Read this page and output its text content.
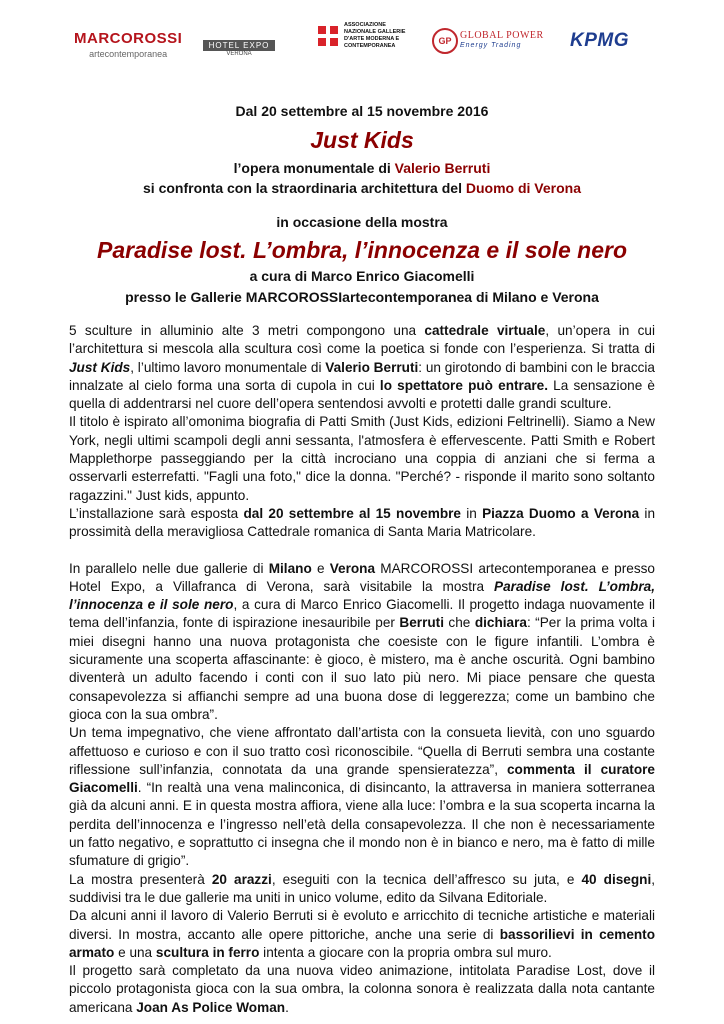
MARCOROSSI
artecontemporanea
HOTEL EXPO
VERONA
ASSOCIAZIONE NAZIONALE GALLERIE D'ARTE MODERNA E CONTEMPORANEA	GP GLOBAL POWER
Energy Trading	KPMG
Dal 20 settembre al 15 novembre 2016
Just Kids
l’opera monumentale di Valerio Berruti
si confronta con la straordinaria architettura del Duomo di Verona
in occasione della mostra
Paradise lost. L’ombra, l’innocenza e il sole nero
a cura di Marco Enrico Giacomelli
presso le Gallerie MARCOROSSIartecontemporanea di Milano e Verona

5 sculture in alluminio alte 3 metri compongono una cattedrale virtuale, un’opera in cui l’architettura si mescola alla scultura così come la poetica si fonde con l’esperienza. Si tratta di Just Kids, l’ultimo lavoro monumentale di Valerio Berruti: un girotondo di bambini con le braccia innalzate al cielo forma una sorta di cupola in cui lo spettatore può entrare. La sensazione è quella di addentrarsi nel cuore dell’opera sentendosi avvolti e protetti dalle grandi sculture.

Il titolo è ispirato all’omonima biografia di Patti Smith (Just Kids, edizioni Feltrinelli). Siamo a New York, negli ultimi scampoli degli anni sessanta, l'atmosfera è effervescente. Patti Smith e Robert Mapplethorpe passeggiando per la città incrociano una coppia di anziani che si ferma a osservarli esterrefatti. "Fagli una foto," dice la donna. "Perché? - risponde il marito sono soltanto ragazzini." Just kids, appunto.

L’installazione sarà esposta dal 20 settembre al 15 novembre in Piazza Duomo a Verona in prossimità della meravigliosa Cattedrale romanica di Santa Maria Matricolare.

In parallelo nelle due gallerie di Milano e Verona MARCOROSSI artecontemporanea e presso Hotel Expo, a Villafranca di Verona, sarà visitabile la mostra Paradise lost. L’ombra, l’innocenza e il sole nero, a cura di Marco Enrico Giacomelli. Il progetto indaga nuovamente il tema dell’infanzia, fonte di ispirazione inesauribile per Berruti che dichiara: “Per la prima volta i miei disegni hanno una nuova protagonista che coesiste con le figure infantili. L’ombra è sicuramente una scoperta affascinante: è gioco, è mistero, ma è anche oscurità. Ogni bambino diventerà un adulto facendo i conti con il suo lato più nero. Mi piace pensare che questa consapevolezza si affianchi sempre ad una buona dose di leggerezza; come un bambino che gioca con la sua ombra”.

Un tema impegnativo, che viene affrontato dall’artista con la consueta lievità, con uno sguardo affettuoso e curioso e con il suo tratto così riconoscibile. “Quella di Berruti sembra una costante riflessione sull’infanzia, connotata da una grande spensieratezza”, commenta il curatore Giacomelli. “In realtà una vena malinconica, di disincanto, la attraversa in maniera sotterranea già da alcuni anni. E in questa mostra affiora, viene alla luce: l’ombra e la sua scoperta incarna la perdita dell’innocenza e l’ingresso nell’età della consapevolezza. Il che non è necessariamente un fatto negativo, e soprattutto ci insegna che il mondo non è in bianco e nero, ma è fatto di mille sfumature di grigio”.

La mostra presenterà 20 arazzi, eseguiti con la tecnica dell’affresco su juta, e 40 disegni, suddivisi tra le due gallerie ma uniti in unico volume, edito da Silvana Editoriale.

Da alcuni anni il lavoro di Valerio Berruti si è evoluto e arricchito di tecniche artistiche e materiali diversi. In mostra, accanto alle opere pittoriche, anche una serie di bassorilievi in cemento armato e una scultura in ferro intenta a giocare con la propria ombra sul muro.

Il progetto sarà completato da una nuova video animazione, intitolata Paradise Lost, dove il piccolo protagonista gioca con la sua ombra, la colonna sonora è realizzata dalla nota cantante americana Joan As Police Woman.
